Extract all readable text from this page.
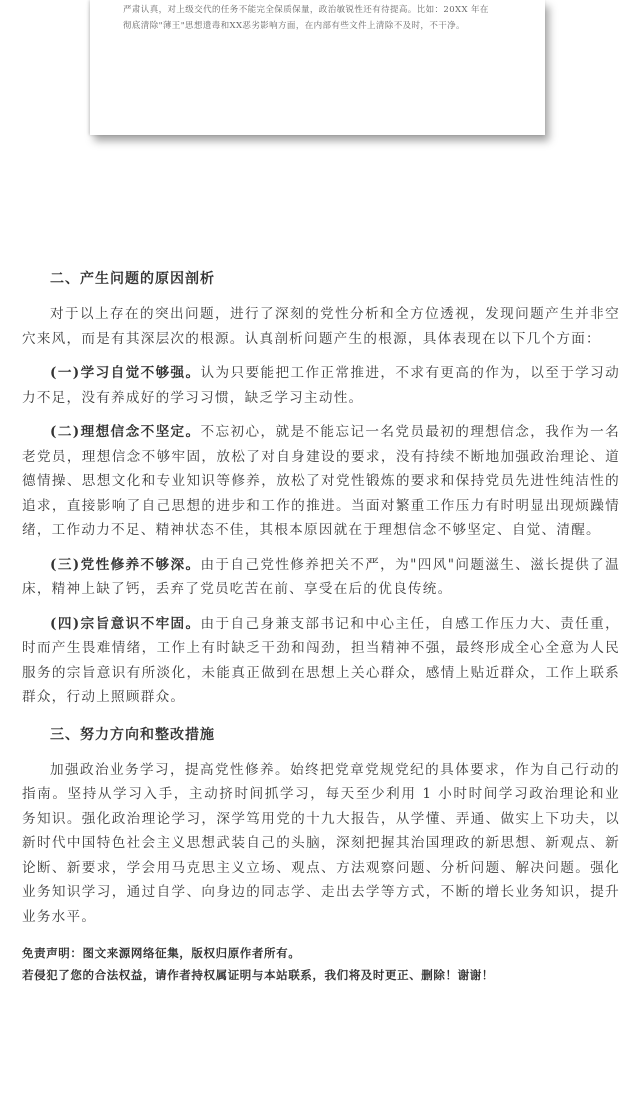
严肃认真，对上级交代的任务不能完全保质保量，政治敏锐性还有待提高。比如：20XX 年在
彻底清除"薄王"思想遗毒和XX恶劣影响方面，在内部有些文件上清除不及时，不干净。
二、产生问题的原因剖析

对于以上存在的突出问题，进行了深刻的党性分析和全方位透视，发现问题产生并非空穴来风，而是有其深层次的根源。认真剖析问题产生的根源，具体表现在以下几个方面：

(一)学习自觉不够强。认为只要能把工作正常推进，不求有更高的作为，以至于学习动力不足，没有养成好的学习习惯，缺乏学习主动性。

(二)理想信念不坚定。不忘初心，就是不能忘记一名党员最初的理想信念，我作为一名老党员，理想信念不够牢固，放松了对自身建设的要求，没有持续不断地加强政治理论、道德情操、思想文化和专业知识等修养，放松了对党性锻炼的要求和保持党员先进性纯洁性的追求，直接影响了自己思想的进步和工作的推进。当面对繁重工作压力有时明显出现烦躁情绪，工作动力不足、精神状态不佳，其根本原因就在于理想信念不够坚定、自觉、清醒。

(三)党性修养不够深。由于自己党性修养把关不严，为"四风"问题滋生、滋长提供了温床，精神上缺了钙，丢弃了党员吃苦在前、享受在后的优良传统。

(四)宗旨意识不牢固。由于自己身兼支部书记和中心主任，自感工作压力大、责任重，时而产生畏难情绪，工作上有时缺乏干劲和闯劲，担当精神不强，最终形成全心全意为人民服务的宗旨意识有所淡化，未能真正做到在思想上关心群众，感情上贴近群众，工作上联系群众，行动上照顾群众。

三、努力方向和整改措施

加强政治业务学习，提高党性修养。始终把党章党规党纪的具体要求，作为自己行动的指南。坚持从学习入手，主动挤时间抓学习，每天至少利用 1 小时时间学习政治理论和业务知识。强化政治理论学习，深学笃用党的十九大报告，从学懂、弄通、做实上下功夫，以新时代中国特色社会主义思想武装自己的头脑，深刻把握其治国理政的新思想、新观点、新论断、新要求，学会用马克思主义立场、观点、方法观察问题、分析问题、解决问题。强化业务知识学习，通过自学、向身边的同志学、走出去学等方式，不断的增长业务知识，提升业务水平。

免责声明：图文来源网络征集，版权归原作者所有。
若侵犯了您的合法权益，请作者持权属证明与本站联系，我们将及时更正、删除！谢谢！
